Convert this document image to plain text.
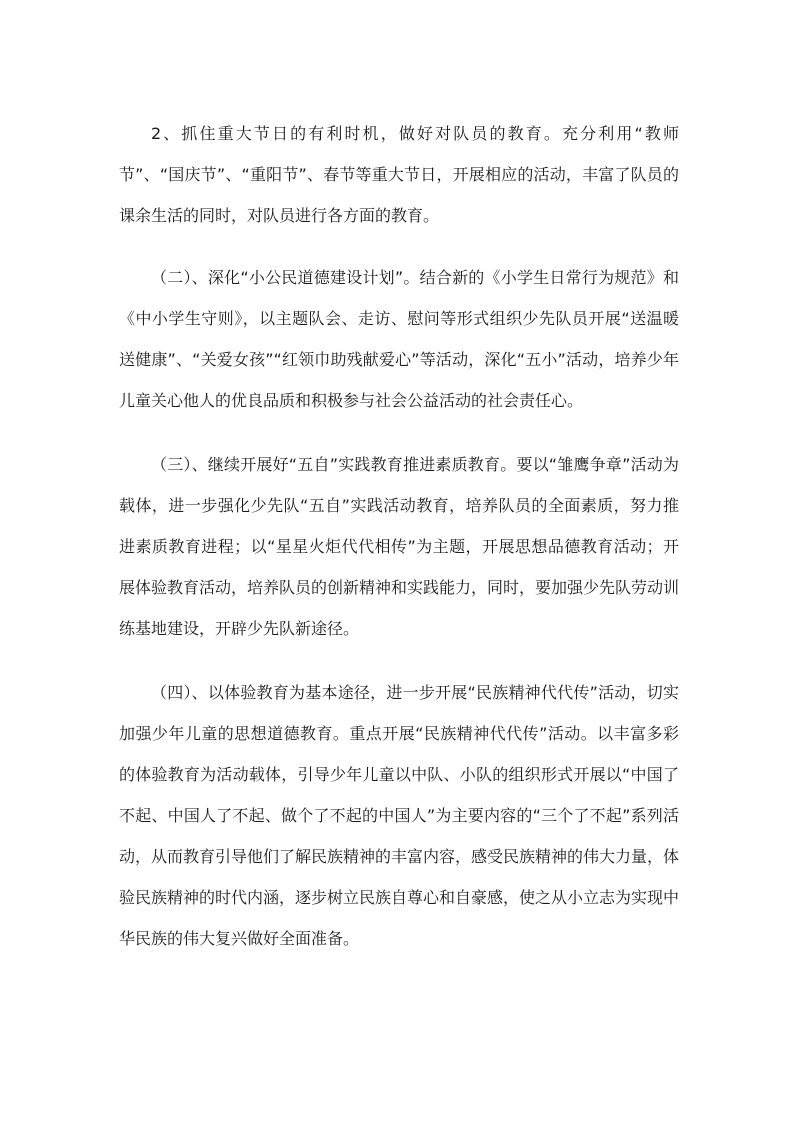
2、抓住重大节日的有利时机，做好对队员的教育。充分利用“教师节”、“国庆节”、“重阳节”、春节等重大节日，开展相应的活动，丰富了队员的课余生活的同时，对队员进行各方面的教育。

（二）、深化“小公民道德建设计划”。结合新的《小学生日常行为规范》和《中小学生守则》，以主题队会、走访、慰问等形式组织少先队员开展“送温暖送健康”、“关爱女孩”“红领巾助残献爱心”等活动，深化“五小”活动，培养少年儿童关心他人的优良品质和积极参与社会公益活动的社会责任心。

（三）、继续开展好“五自”实践教育推进素质教育。要以“雏鹰争章”活动为载体，进一步强化少先队“五自”实践活动教育，培养队员的全面素质，努力推进素质教育进程；以“星星火炬代代相传”为主题，开展思想品德教育活动；开展体验教育活动，培养队员的创新精神和实践能力，同时，要加强少先队劳动训练基地建设，开辟少先队新途径。

（四）、以体验教育为基本途径，进一步开展“民族精神代代传”活动，切实加强少年儿童的思想道德教育。重点开展“民族精神代代传”活动。以丰富多彩的体验教育为活动载体，引导少年儿童以中队、小队的组织形式开展以“中国了不起、中国人了不起、做个了不起的中国人”为主要内容的“三个了不起”系列活动，从而教育引导他们了解民族精神的丰富内容，感受民族精神的伟大力量，体验民族精神的时代内涵，逐步树立民族自尊心和自豪感，使之从小立志为实现中华民族的伟大复兴做好全面准备。
